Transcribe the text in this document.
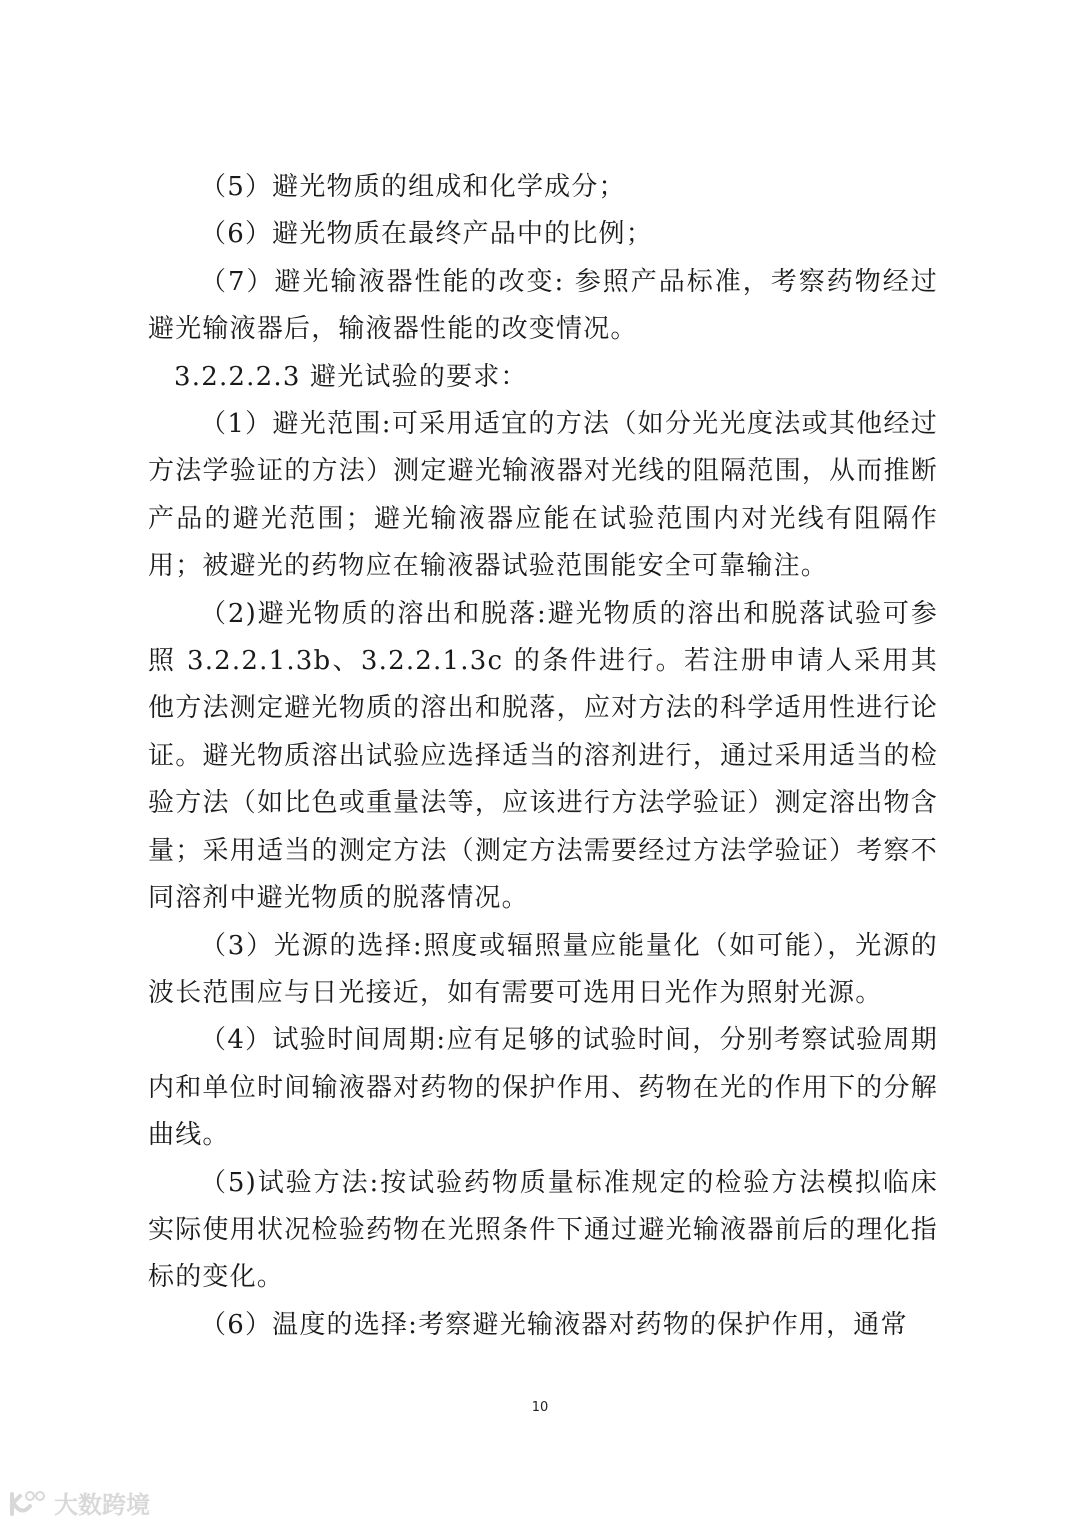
（5）避光物质的组成和化学成分；

（6）避光物质在最终产品中的比例；

（7）避光输液器性能的改变: 参照产品标准，考察药物经过避光输液器后，输液器性能的改变情况。

3.2.2.2.3 避光试验的要求：

（1）避光范围:可采用适宜的方法（如分光光度法或其他经过方法学验证的方法）测定避光输液器对光线的阻隔范围，从而推断产品的避光范围；避光输液器应能在试验范围内对光线有阻隔作用；被避光的药物应在输液器试验范围能安全可靠输注。

（2)避光物质的溶出和脱落:避光物质的溶出和脱落试验可参照 3.2.2.1.3b、3.2.2.1.3c 的条件进行。若注册申请人采用其他方法测定避光物质的溶出和脱落，应对方法的科学适用性进行论证。避光物质溶出试验应选择适当的溶剂进行，通过采用适当的检验方法（如比色或重量法等，应该进行方法学验证）测定溶出物含量；采用适当的测定方法（测定方法需要经过方法学验证）考察不同溶剂中避光物质的脱落情况。

（3）光源的选择:照度或辐照量应能量化（如可能），光源的波长范围应与日光接近，如有需要可选用日光作为照射光源。

（4）试验时间周期:应有足够的试验时间，分别考察试验周期内和单位时间输液器对药物的保护作用、药物在光的作用下的分解曲线。

（5)试验方法:按试验药物质量标准规定的检验方法模拟临床实际使用状况检验药物在光照条件下通过避光输液器前后的理化指标的变化。

（6）温度的选择:考察避光输液器对药物的保护作用，通常

10
大数跨境
